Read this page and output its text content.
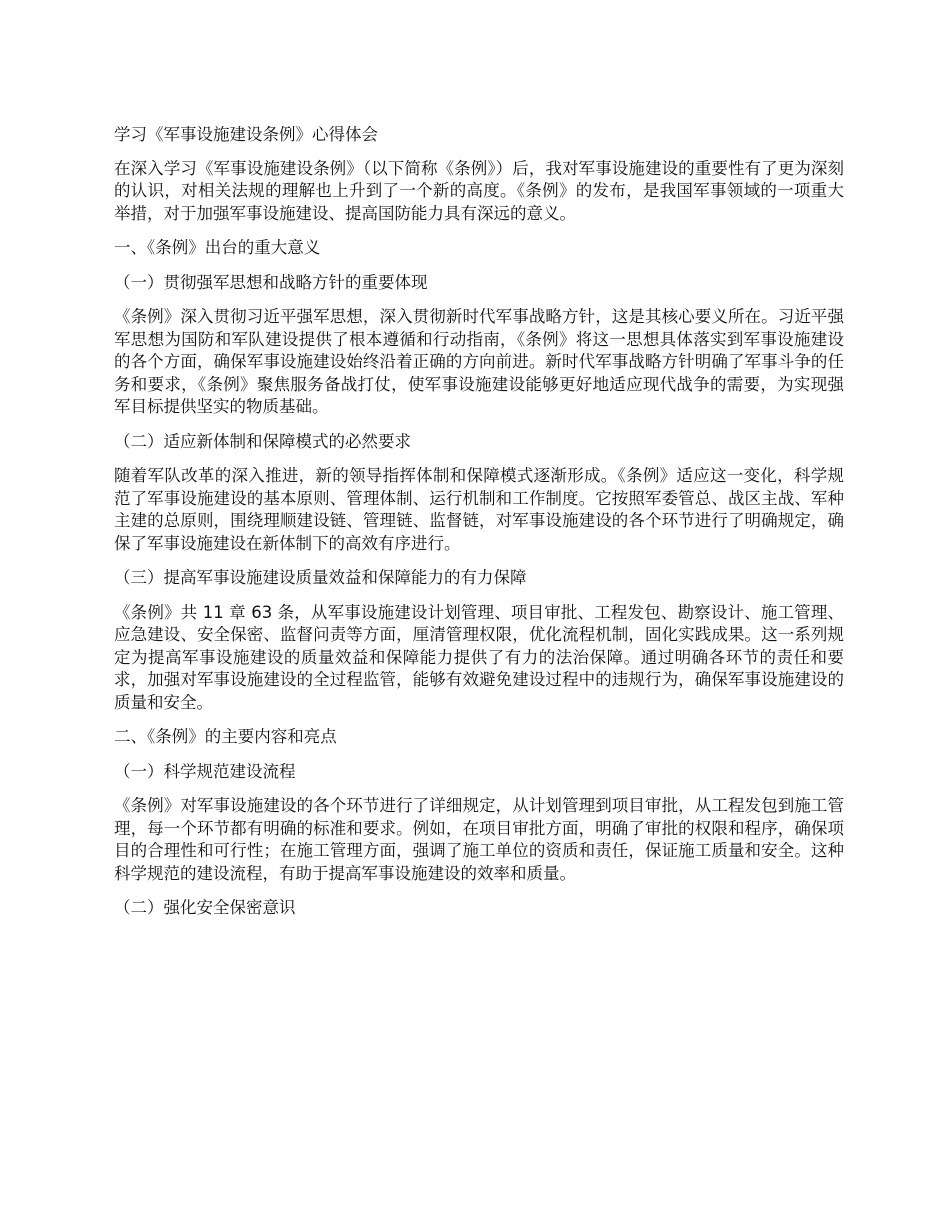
学习《军事设施建设条例》心得体会
在深入学习《军事设施建设条例》（以下简称《条例》）后，我对军事设施建设的重要性有了更为深刻的认识，对相关法规的理解也上升到了一个新的高度。《条例》的发布，是我国军事领域的一项重大举措，对于加强军事设施建设、提高国防能力具有深远的意义。
一、《条例》出台的重大意义
（一）贯彻强军思想和战略方针的重要体现
《条例》深入贯彻习近平强军思想，深入贯彻新时代军事战略方针，这是其核心要义所在。习近平强军思想为国防和军队建设提供了根本遵循和行动指南，《条例》将这一思想具体落实到军事设施建设的各个方面，确保军事设施建设始终沿着正确的方向前进。新时代军事战略方针明确了军事斗争的任务和要求，《条例》聚焦服务备战打仗，使军事设施建设能够更好地适应现代战争的需要，为实现强军目标提供坚实的物质基础。
（二）适应新体制和保障模式的必然要求
随着军队改革的深入推进，新的领导指挥体制和保障模式逐渐形成。《条例》适应这一变化，科学规范了军事设施建设的基本原则、管理体制、运行机制和工作制度。它按照军委管总、战区主战、军种主建的总原则，围绕理顺建设链、管理链、监督链，对军事设施建设的各个环节进行了明确规定，确保了军事设施建设在新体制下的高效有序进行。
（三）提高军事设施建设质量效益和保障能力的有力保障
《条例》共 11 章 63 条，从军事设施建设计划管理、项目审批、工程发包、勘察设计、施工管理、应急建设、安全保密、监督问责等方面，厘清管理权限，优化流程机制，固化实践成果。这一系列规定为提高军事设施建设的质量效益和保障能力提供了有力的法治保障。通过明确各环节的责任和要求，加强对军事设施建设的全过程监管，能够有效避免建设过程中的违规行为，确保军事设施建设的质量和安全。
二、《条例》的主要内容和亮点
（一）科学规范建设流程
《条例》对军事设施建设的各个环节进行了详细规定，从计划管理到项目审批，从工程发包到施工管理，每一个环节都有明确的标准和要求。例如，在项目审批方面，明确了审批的权限和程序，确保项目的合理性和可行性；在施工管理方面，强调了施工单位的资质和责任，保证施工质量和安全。这种科学规范的建设流程，有助于提高军事设施建设的效率和质量。
（二）强化安全保密意识
